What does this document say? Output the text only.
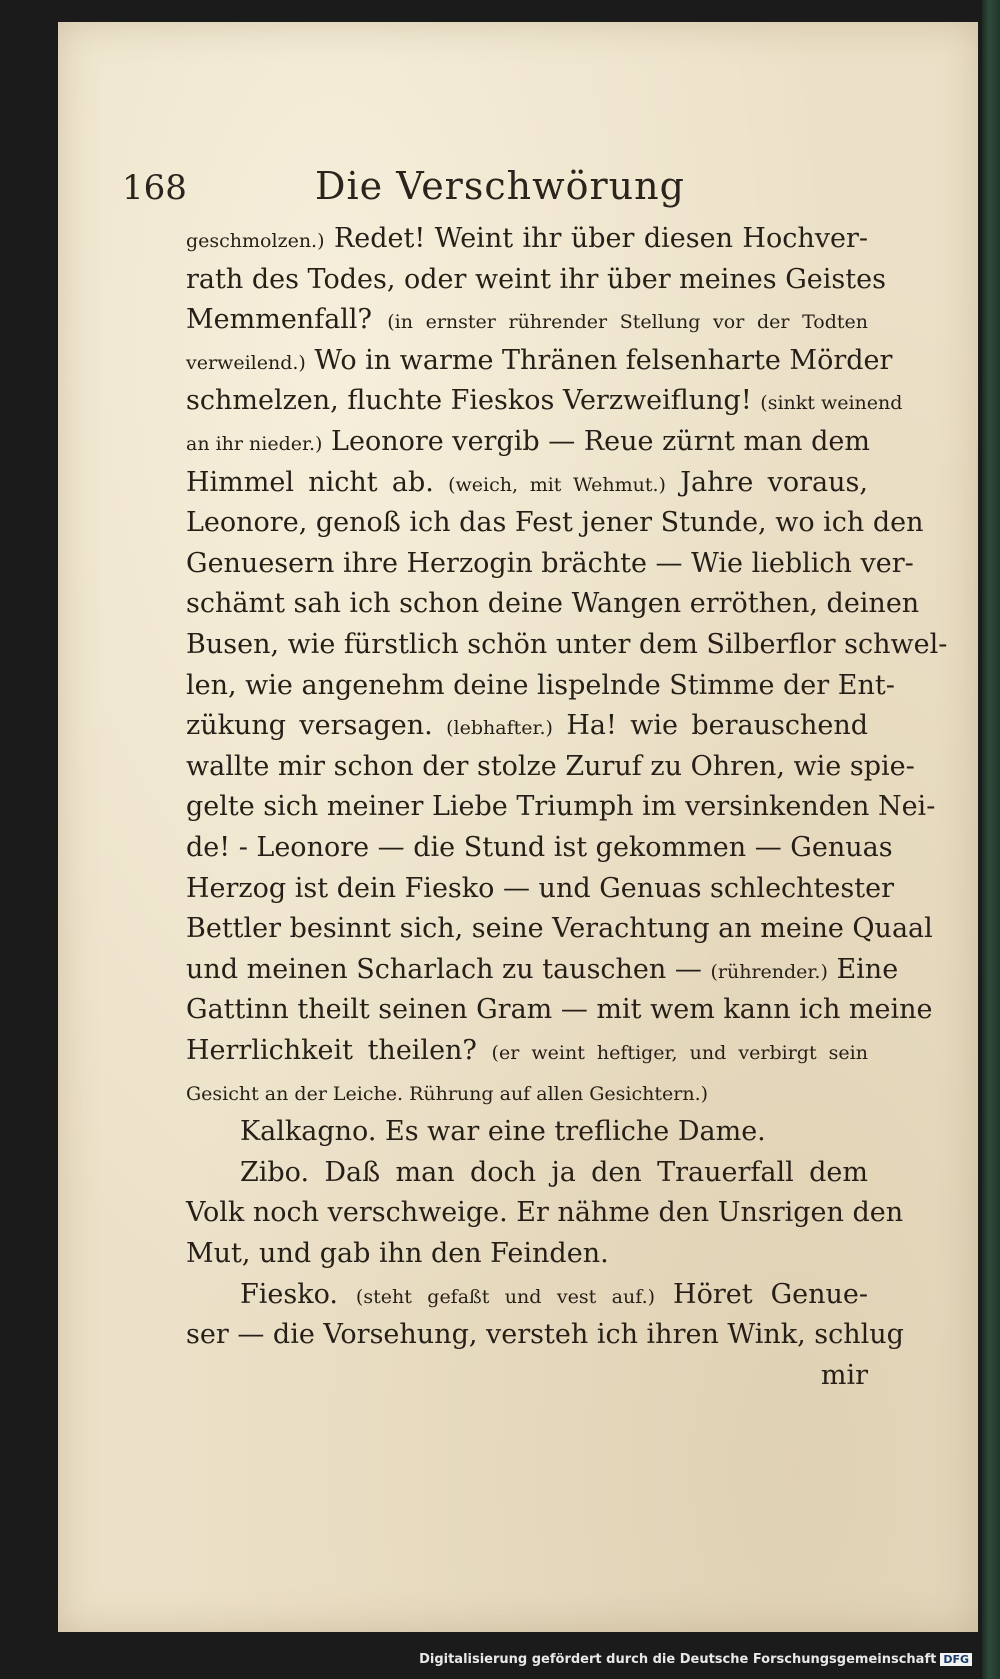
168	Die Verschwörung
geschmolzen.) Redet! Weint ihr über diesen Hochver-
rath des Todes, oder weint ihr über meines Geistes
Memmenfall? (in ernster rührender Stellung vor der Todten
verweilend.) Wo in warme Thränen felsenharte Mörder
schmelzen, fluchte Fieskos Verzweiflung! (sinkt weinend
an ihr nieder.) Leonore vergib — Reue zürnt man dem
Himmel nicht ab. (weich, mit Wehmut.) Jahre voraus,
Leonore, genoß ich das Fest jener Stunde, wo ich den
Genuesern ihre Herzogin brächte — Wie lieblich ver-
schämt sah ich schon deine Wangen erröthen, deinen
Busen, wie fürstlich schön unter dem Silberflor schwel-
len, wie angenehm deine lispelnde Stimme der Ent-
zükung versagen. (lebhafter.) Ha! wie berauschend
wallte mir schon der stolze Zuruf zu Ohren, wie spie-
gelte sich meiner Liebe Triumph im versinkenden Nei-
de! - Leonore — die Stund ist gekommen — Genuas
Herzog ist dein Fiesko — und Genuas schlechtester
Bettler besinnt sich, seine Verachtung an meine Quaal
und meinen Scharlach zu tauschen — (rührender.) Eine
Gattinn theilt seinen Gram — mit wem kann ich meine
Herrlichkeit theilen? (er weint heftiger, und verbirgt sein
Gesicht an der Leiche. Rührung auf allen Gesichtern.)
Kalkagno. Es war eine trefliche Dame.
Zibo. Daß man doch ja den Trauerfall dem
Volk noch verschweige. Er nähme den Unsrigen den
Mut, und gab ihn den Feinden.
Fiesko. (steht gefaßt und vest auf.) Höret Genue-
ser — die Vorsehung, versteh ich ihren Wink, schlug
mir
Digitalisierung gefördert durch die Deutsche Forschungsgemeinschaft DFG
